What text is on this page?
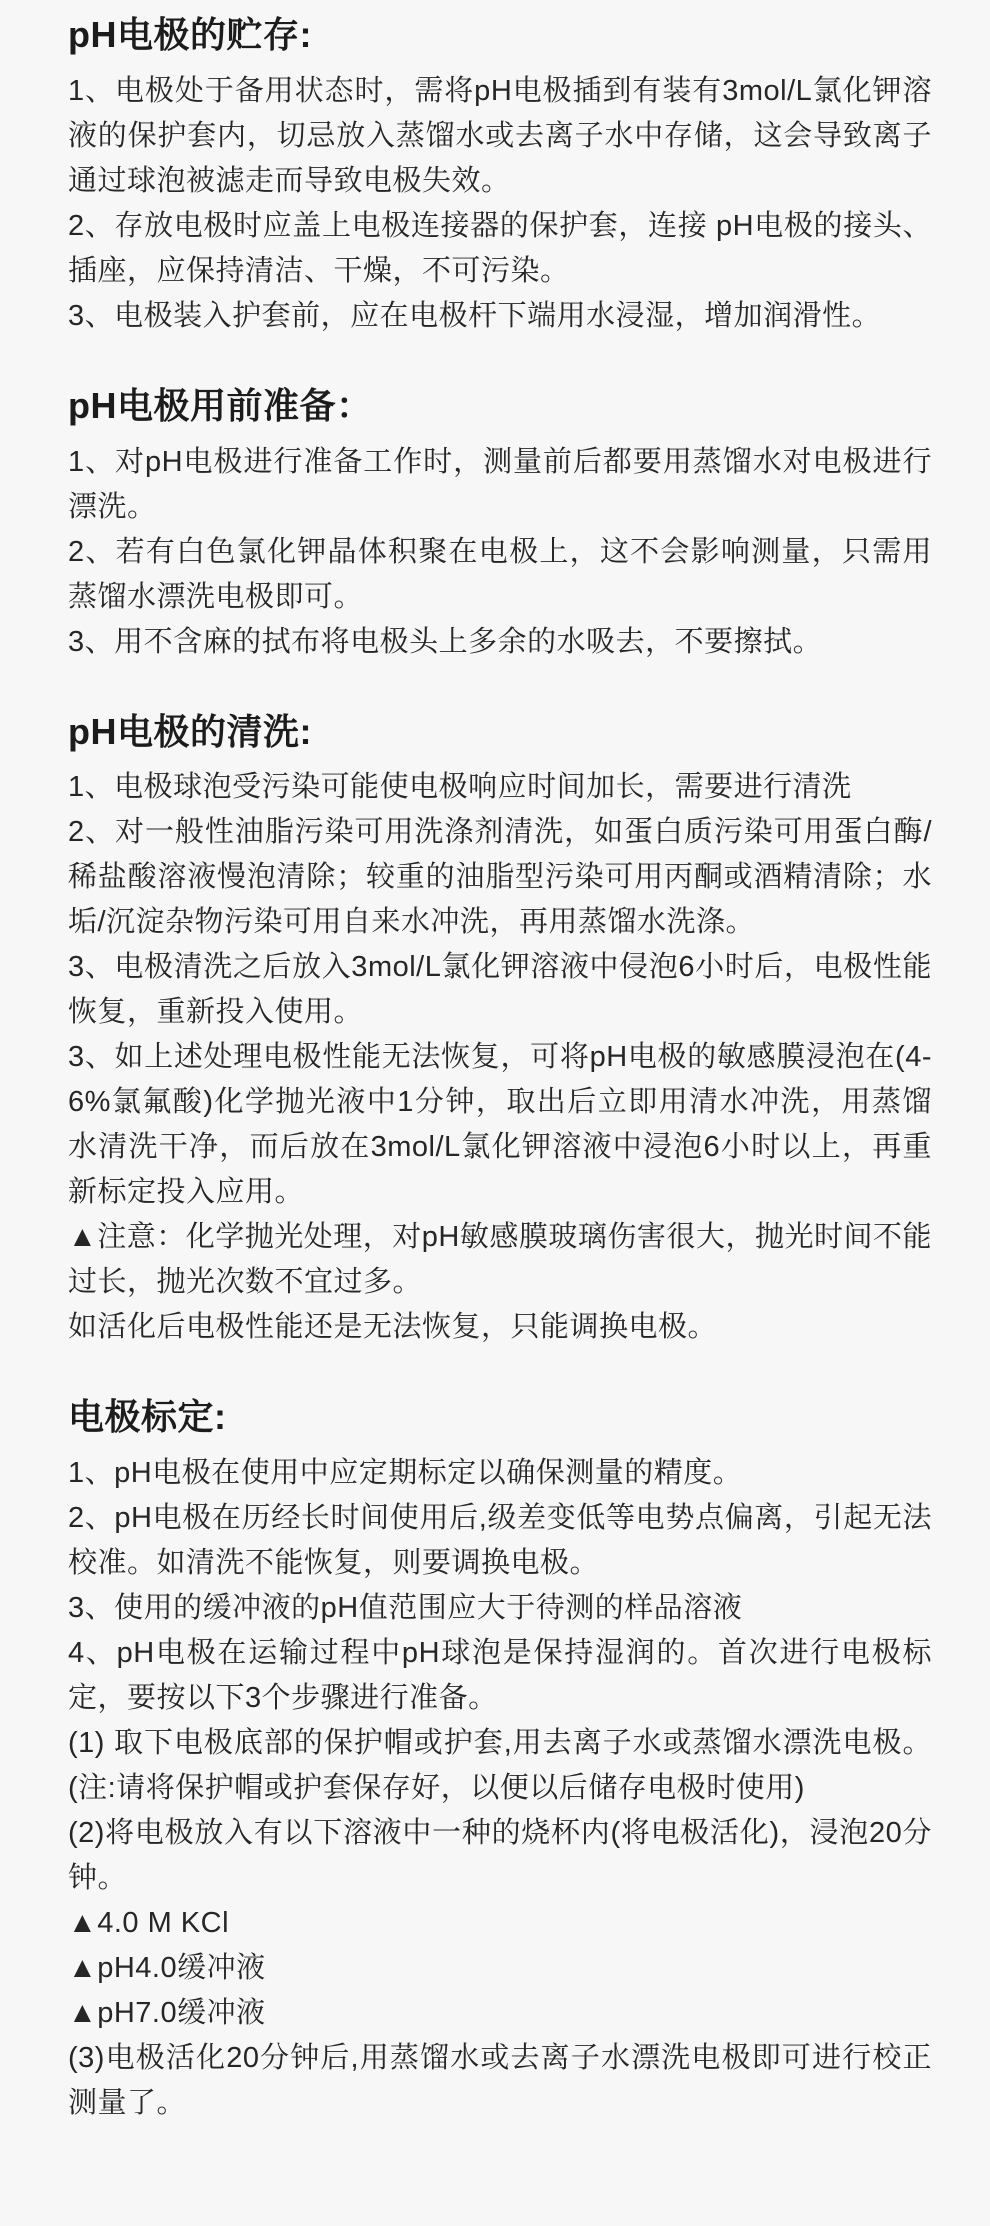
pH电极的贮存:

1、电极处于备用状态时，需将pH电极插到有装有3mol/L氯化钾溶液的保护套内，切忌放入蒸馏水或去离子水中存储，这会导致离子通过球泡被滤走而导致电极失效。

2、存放电极时应盖上电极连接器的保护套，连接 pH电极的接头、插座，应保持清洁、干燥，不可污染。

3、电极装入护套前，应在电极杆下端用水浸湿，增加润滑性。

pH电极用前准备：

1、对pH电极进行准备工作时，测量前后都要用蒸馏水对电极进行漂洗。

2、若有白色氯化钾晶体积聚在电极上，这不会影响测量，只需用蒸馏水漂洗电极即可。

3、用不含麻的拭布将电极头上多余的水吸去，不要擦拭。

pH电极的清洗:

1、电极球泡受污染可能使电极响应时间加长，需要进行清洗

2、对一般性油脂污染可用洗涤剂清洗，如蛋白质污染可用蛋白酶/稀盐酸溶液慢泡清除；较重的油脂型污染可用丙酮或酒精清除；水垢/沉淀杂物污染可用自来水冲洗，再用蒸馏水洗涤。

3、电极清洗之后放入3mol/L氯化钾溶液中侵泡6小时后，电极性能恢复，重新投入使用。

3、如上述处理电极性能无法恢复，可将pH电极的敏感膜浸泡在(4-6%氯氟酸)化学抛光液中1分钟，取出后立即用清水冲洗，用蒸馏水清洗干净，而后放在3mol/L氯化钾溶液中浸泡6小时以上，再重新标定投入应用。

▲注意：化学抛光处理，对pH敏感膜玻璃伤害很大，抛光时间不能过长，抛光次数不宜过多。

如活化后电极性能还是无法恢复，只能调换电极。

电极标定:

1、pH电极在使用中应定期标定以确保测量的精度。

2、pH电极在历经长时间使用后,级差变低等电势点偏离，引起无法校准。如清洗不能恢复，则要调换电极。

3、使用的缓冲液的pH值范围应大于待测的样品溶液

4、pH电极在运输过程中pH球泡是保持湿润的。首次进行电极标定，要按以下3个步骤进行准备。

(1) 取下电极底部的保护帽或护套,用去离子水或蒸馏水漂洗电极。(注:请将保护帽或护套保存好，以便以后储存电极时使用)

(2)将电极放入有以下溶液中一种的烧杯内(将电极活化)，浸泡20分钟。

▲4.0 M KCl

▲pH4.0缓冲液

▲pH7.0缓冲液

(3)电极活化20分钟后,用蒸馏水或去离子水漂洗电极即可进行校正测量了。
